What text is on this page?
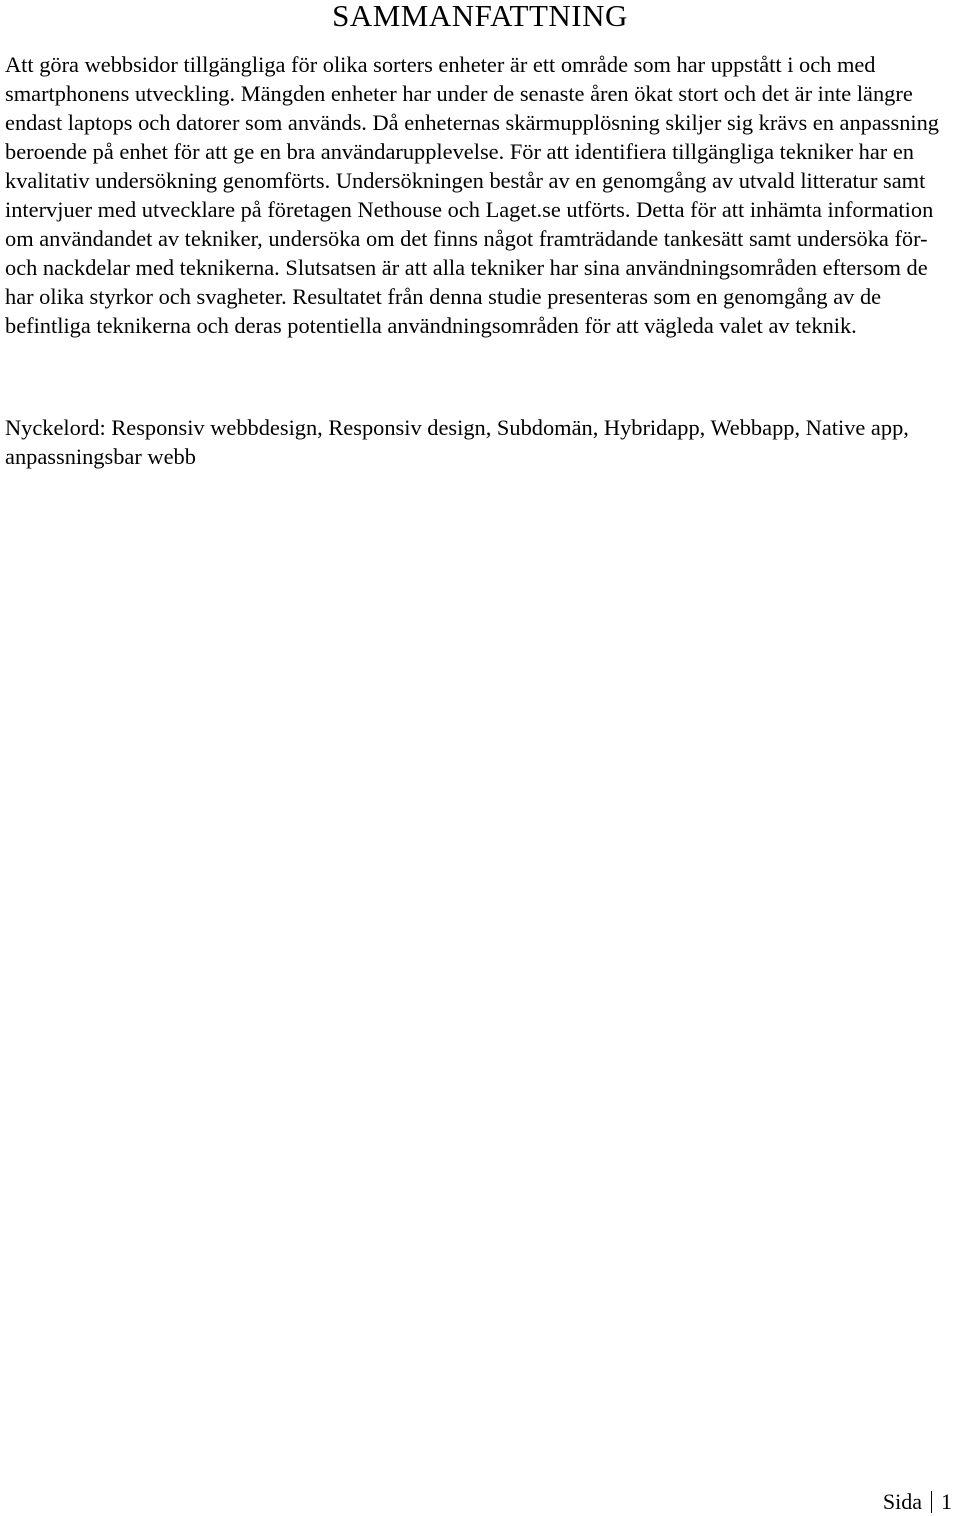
SAMMANFATTNING

Att göra webbsidor tillgängliga för olika sorters enheter är ett område som har uppstått i och med smartphonens utveckling. Mängden enheter har under de senaste åren ökat stort och det är inte längre endast laptops och datorer som används. Då enheternas skärmupplösning skiljer sig krävs en anpassning beroende på enhet för att ge en bra användarupplevelse. För att identifiera tillgängliga tekniker har en kvalitativ undersökning genomförts. Undersökningen består av en genomgång av utvald litteratur samt intervjuer med utvecklare på företagen Nethouse och Laget.se utförts. Detta för att inhämta information om användandet av tekniker, undersöka om det finns något framträdande tankesätt samt undersöka för- och nackdelar med teknikerna. Slutsatsen är att alla tekniker har sina användningsområden eftersom de har olika styrkor och svagheter. Resultatet från denna studie presenteras som en genomgång av de befintliga teknikerna och deras potentiella användningsområden för att vägleda valet av teknik.

Nyckelord: Responsiv webbdesign, Responsiv design, Subdomän, Hybridapp, Webbapp, Native app, anpassningsbar webb

Sida 1
